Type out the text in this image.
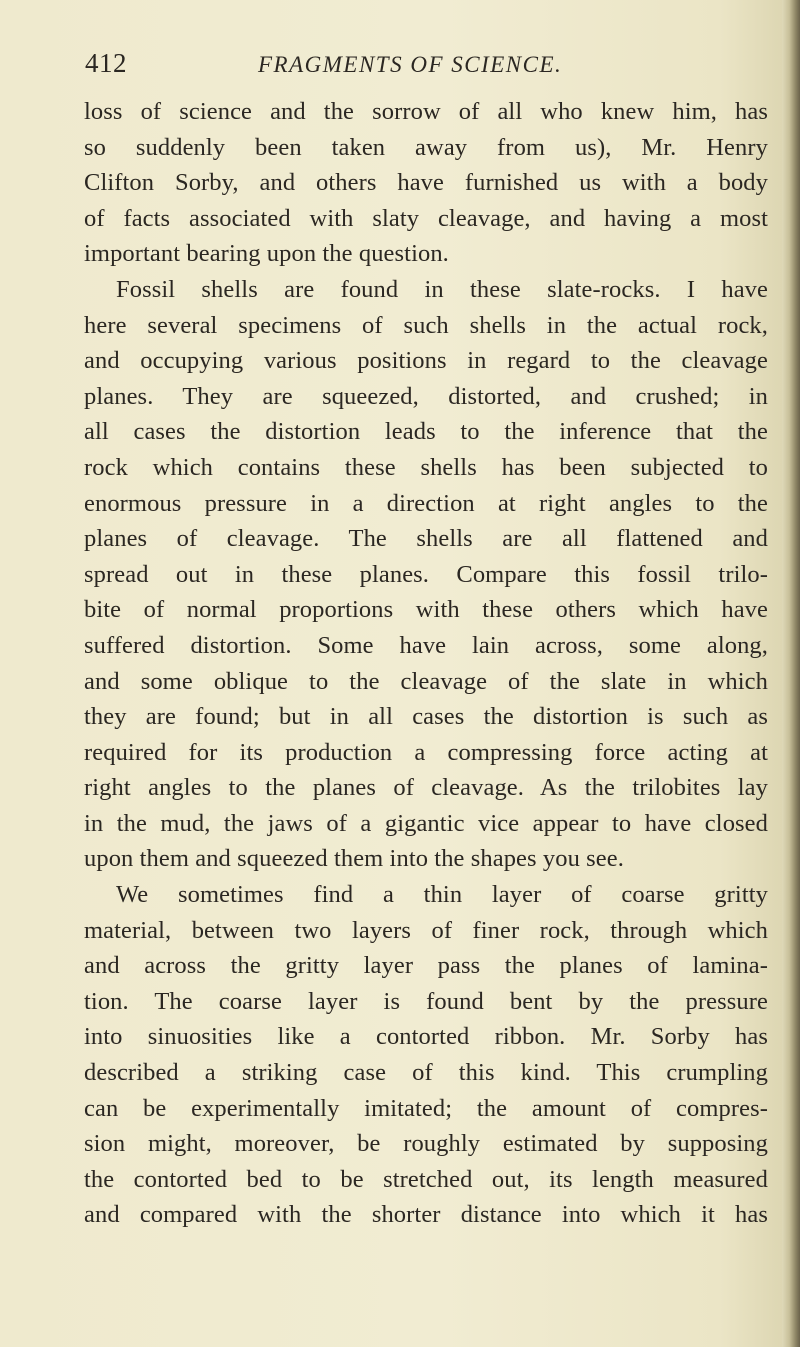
412	FRAGMENTS OF SCIENCE.
loss of science and the sorrow of all who knew him, has
so suddenly been taken away from us), Mr. Henry
Clifton Sorby, and others have furnished us with a body
of facts associated with slaty cleavage, and having a most
important bearing upon the question.
Fossil shells are found in these slate-rocks. I have
here several specimens of such shells in the actual rock,
and occupying various positions in regard to the cleavage
planes. They are squeezed, distorted, and crushed; in
all cases the distortion leads to the inference that the
rock which contains these shells has been subjected to
enormous pressure in a direction at right angles to the
planes of cleavage. The shells are all flattened and
spread out in these planes. Compare this fossil trilo-
bite of normal proportions with these others which have
suffered distortion. Some have lain across, some along,
and some oblique to the cleavage of the slate in which
they are found; but in all cases the distortion is such as
required for its production a compressing force acting at
right angles to the planes of cleavage. As the trilobites lay
in the mud, the jaws of a gigantic vice appear to have closed
upon them and squeezed them into the shapes you see.
We sometimes find a thin layer of coarse gritty
material, between two layers of finer rock, through which
and across the gritty layer pass the planes of lamina-
tion. The coarse layer is found bent by the pressure
into sinuosities like a contorted ribbon. Mr. Sorby has
described a striking case of this kind. This crumpling
can be experimentally imitated; the amount of compres-
sion might, moreover, be roughly estimated by supposing
the contorted bed to be stretched out, its length measured
and compared with the shorter distance into which it has
